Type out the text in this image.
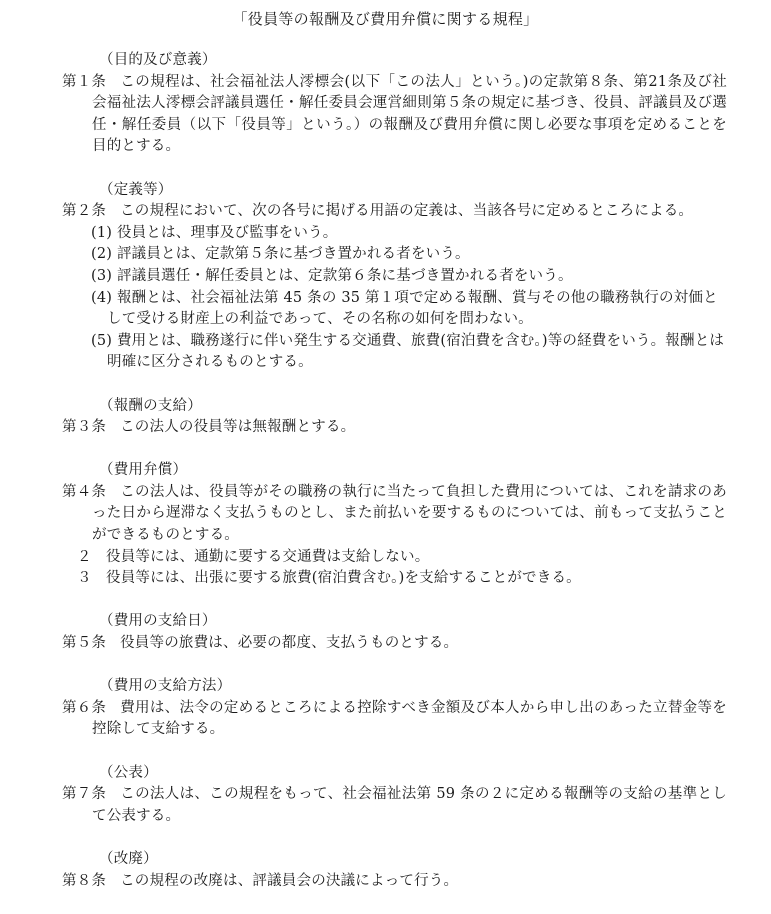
「役員等の報酬及び費用弁償に関する規程」

（目的及び意義）

第１条 この規程は、社会福祉法人澪標会(以下「この法人」という。)の定款第８条、第21条及び社会福祉法人澪標会評議員選任・解任委員会運営細則第５条の規定に基づき、役員、評議員及び選任・解任委員（以下「役員等」という。）の報酬及び費用弁償に関し必要な事項を定めることを目的とする。

（定義等）

第２条 この規程において、次の各号に掲げる用語の定義は、当該各号に定めるところによる。

(1) 役員とは、理事及び監事をいう。

(2) 評議員とは、定款第５条に基づき置かれる者をいう。

(3) 評議員選任・解任委員とは、定款第６条に基づき置かれる者をいう。

(4) 報酬とは、社会福祉法第 45 条の 35 第１項で定める報酬、賞与その他の職務執行の対価として受ける財産上の利益であって、その名称の如何を問わない。

(5) 費用とは、職務遂行に伴い発生する交通費、旅費(宿泊費を含む。)等の経費をいう。報酬とは明確に区分されるものとする。

（報酬の支給）

第３条 この法人の役員等は無報酬とする。

（費用弁償）

第４条 この法人は、役員等がその職務の執行に当たって負担した費用については、これを請求のあった日から遅滞なく支払うものとし、また前払いを要するものについては、前もって支払うことができるものとする。

２ 役員等には、通勤に要する交通費は支給しない。

３ 役員等には、出張に要する旅費(宿泊費含む。)を支給することができる。

（費用の支給日）

第５条 役員等の旅費は、必要の都度、支払うものとする。

（費用の支給方法）

第６条 費用は、法令の定めるところによる控除すべき金額及び本人から申し出のあった立替金等を控除して支給する。

（公表）

第７条 この法人は、この規程をもって、社会福祉法第 59 条の２に定める報酬等の支給の基準として公表する。

（改廃）

第８条 この規程の改廃は、評議員会の決議によって行う。
